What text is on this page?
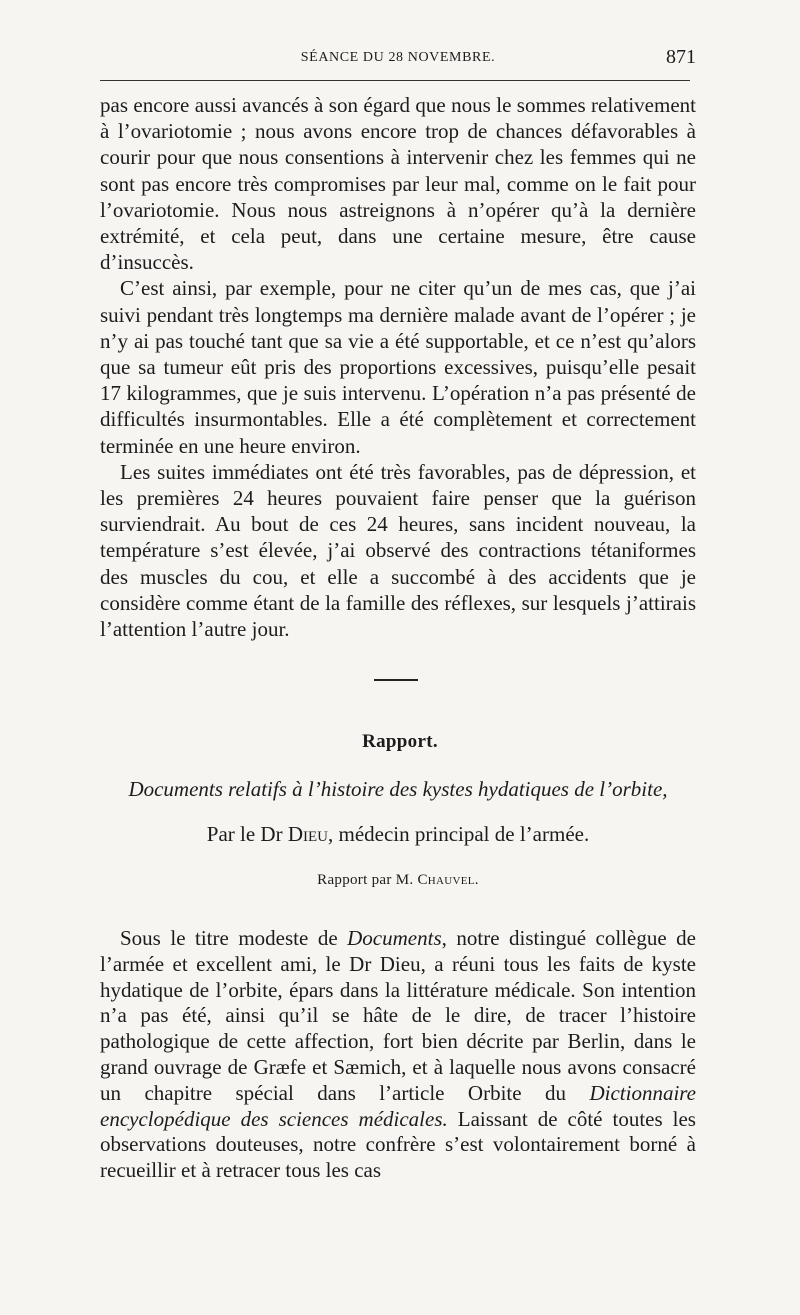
SÉANCE DU 28 NOVEMBRE.	871

pas encore aussi avancés à son égard que nous le sommes relativement à l’ovariotomie ; nous avons encore trop de chances défavorables à courir pour que nous consentions à intervenir chez les femmes qui ne sont pas encore très compromises par leur mal, comme on le fait pour l’ovariotomie. Nous nous astreignons à n’opérer qu’à la dernière extrémité, et cela peut, dans une certaine mesure, être cause d’insuccès.

C’est ainsi, par exemple, pour ne citer qu’un de mes cas, que j’ai suivi pendant très longtemps ma dernière malade avant de l’opérer ; je n’y ai pas touché tant que sa vie a été supportable, et ce n’est qu’alors que sa tumeur eût pris des proportions excessives, puisqu’elle pesait 17 kilogrammes, que je suis intervenu. L’opération n’a pas présenté de difficultés insurmontables. Elle a été complètement et correctement terminée en une heure environ.

Les suites immédiates ont été très favorables, pas de dépression, et les premières 24 heures pouvaient faire penser que la guérison surviendrait. Au bout de ces 24 heures, sans incident nouveau, la température s’est élevée, j’ai observé des contractions tétaniformes des muscles du cou, et elle a succombé à des accidents que je considère comme étant de la famille des réflexes, sur lesquels j’attirais l’attention l’autre jour.

Rapport.
Documents relatifs à l’histoire des kystes hydatiques de l’orbite,
Par le Dr Dieu, médecin principal de l’armée.
Rapport par M. Chauvel.

Sous le titre modeste de Documents, notre distingué collègue de l’armée et excellent ami, le Dr Dieu, a réuni tous les faits de kyste hydatique de l’orbite, épars dans la littérature médicale. Son intention n’a pas été, ainsi qu’il se hâte de le dire, de tracer l’histoire pathologique de cette affection, fort bien décrite par Berlin, dans le grand ouvrage de Græfe et Sæmich, et à laquelle nous avons consacré un chapitre spécial dans l’article Orbite du Dictionnaire encyclopédique des sciences médicales. Laissant de côté toutes les observations douteuses, notre confrère s’est volontairement borné à recueillir et à retracer tous les cas
